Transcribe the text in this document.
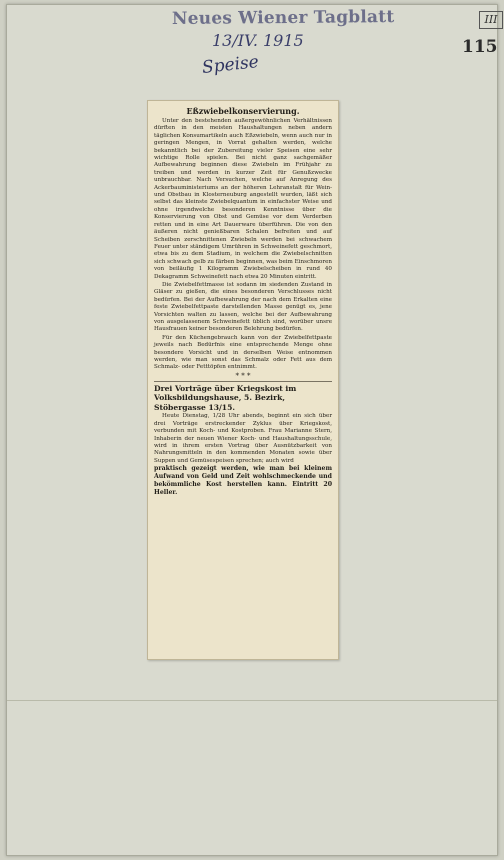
Neues Wiener Tagblatt
13/IV. 1915
Speise
III
115
Eßzwiebelkonservierung.

Unter den bestehenden außergewöhnlichen Verhältnissen dürften in den meisten Haushaltungen neben andern täglichen Konsumartikeln auch Eßzwiebeln, wenn auch nur in geringen Mengen, in Vorrat gehalten werden, welche bekanntlich bei der Zubereitung vieler Speisen eine sehr wichtige Rolle spielen. Bei nicht ganz sachgemäßer Aufbewahrung beginnen diese Zwiebeln im Frühjahr zu treiben und werden in kurzer Zeit für Genußzwecke unbrauchbar. Nach Versuchen, welche auf Anregung des Ackerbauministeriums an der höheren Lehranstalt für Wein- und Obstbau in Klosterneuburg angestellt wurden, läßt sich selbst das kleinste Zwiebelquantum in einfachster Weise und ohne irgendwelche besonderen Kenntnisse über die Konservierung von Obst und Gemüse vor dem Verderben retten und in eine Art Dauerware überführen. Die von den äußeren nicht genießbaren Schalen befreiten und auf Scheiben zerschnittenen Zwiebeln werden bei schwachem Feuer unter ständigem Umrühren in Schweinefett geschmort, etwa bis zu dem Stadium, in welchem die Zwiebelschnitten sich schwach gelb zu färben beginnen, was beim Einschmoren von beiläufig 1 Kilogramm Zwiebelscheiben in rund 40 Dekagramm Schweinefett nach etwa 20 Minuten eintritt.

Die Zwiebelfettmasse ist sodann im siedenden Zustand in Gläser zu gießen, die eines besonderen Verschlusses nicht bedürfen. Bei der Aufbewahrung der nach dem Erkalten eine feste Zwiebelfettpaste darstellenden Masse genügt es, jene Vorsichten walten zu lassen, welche bei der Aufbewahrung von ausgelassenem Schweinefett üblich sind, worüber unsre Hausfrauen keiner besonderen Belehrung bedürfen.

Für den Küchengebrauch kann von der Zwiebelfettpaste jeweils nach Bedürfnis eine entsprechende Menge ohne besondere Vorsicht und in derselben Weise entnommen werden, wie man sonst das Schmalz oder Fett aus dem Schmalz- oder Fetttöpfen entnimmt.

* * *
Drei Vorträge über Kriegskost im Volksbildungshause, 5. Bezirk, Stöbergasse 13/15.

Heute Dienstag, 1/28 Uhr abends, beginnt ein sich über drei Vorträge erstreckender Zyklus über Kriegskost, verbunden mit Koch- und Kostproben. Frau Marianne Stern, Inhaberin der neuen Wiener Koch- und Haushaltungsschule, wird in ihrem ersten Vortrag über Ausnützbarkeit von Nahrungsmitteln in den kommenden Monaten sowie über Suppen und Gemüsespeisen sprechen; auch wird

praktisch gezeigt werden, wie man bei kleinem Aufwand von Geld und Zeit wohlschmeckende und bekömmliche Kost herstellen kann. Eintritt 20 Heller.
